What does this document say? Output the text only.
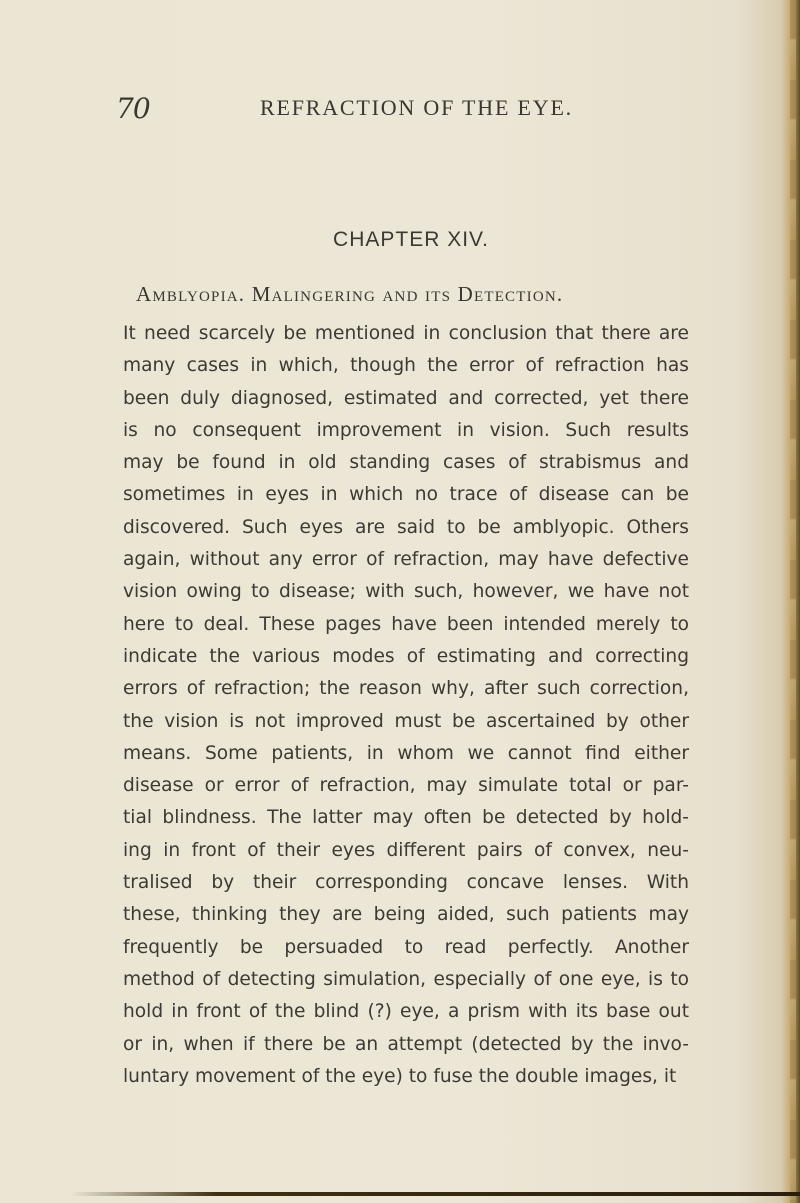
70	REFRACTION OF THE EYE.
CHAPTER XIV.
Amblyopia. Malingering and its Detection.
It need scarcely be mentioned in conclusion that there are
many cases in which, though the error of refraction has
been duly diagnosed, estimated and corrected, yet there
is no consequent improvement in vision. Such results
may be found in old standing cases of strabismus and
sometimes in eyes in which no trace of disease can be
discovered. Such eyes are said to be amblyopic. Others
again, without any error of refraction, may have defective
vision owing to disease; with such, however, we have not
here to deal. These pages have been intended merely to
indicate the various modes of estimating and correcting
errors of refraction; the reason why, after such correction,
the vision is not improved must be ascertained by other
means. Some patients, in whom we cannot find either
disease or error of refraction, may simulate total or par-
tial blindness. The latter may often be detected by hold-
ing in front of their eyes different pairs of convex, neu-
tralised by their corresponding concave lenses. With
these, thinking they are being aided, such patients may
frequently be persuaded to read perfectly. Another
method of detecting simulation, especially of one eye, is to
hold in front of the blind (?) eye, a prism with its base out
or in, when if there be an attempt (detected by the invo-
luntary movement of the eye) to fuse the double images, it
